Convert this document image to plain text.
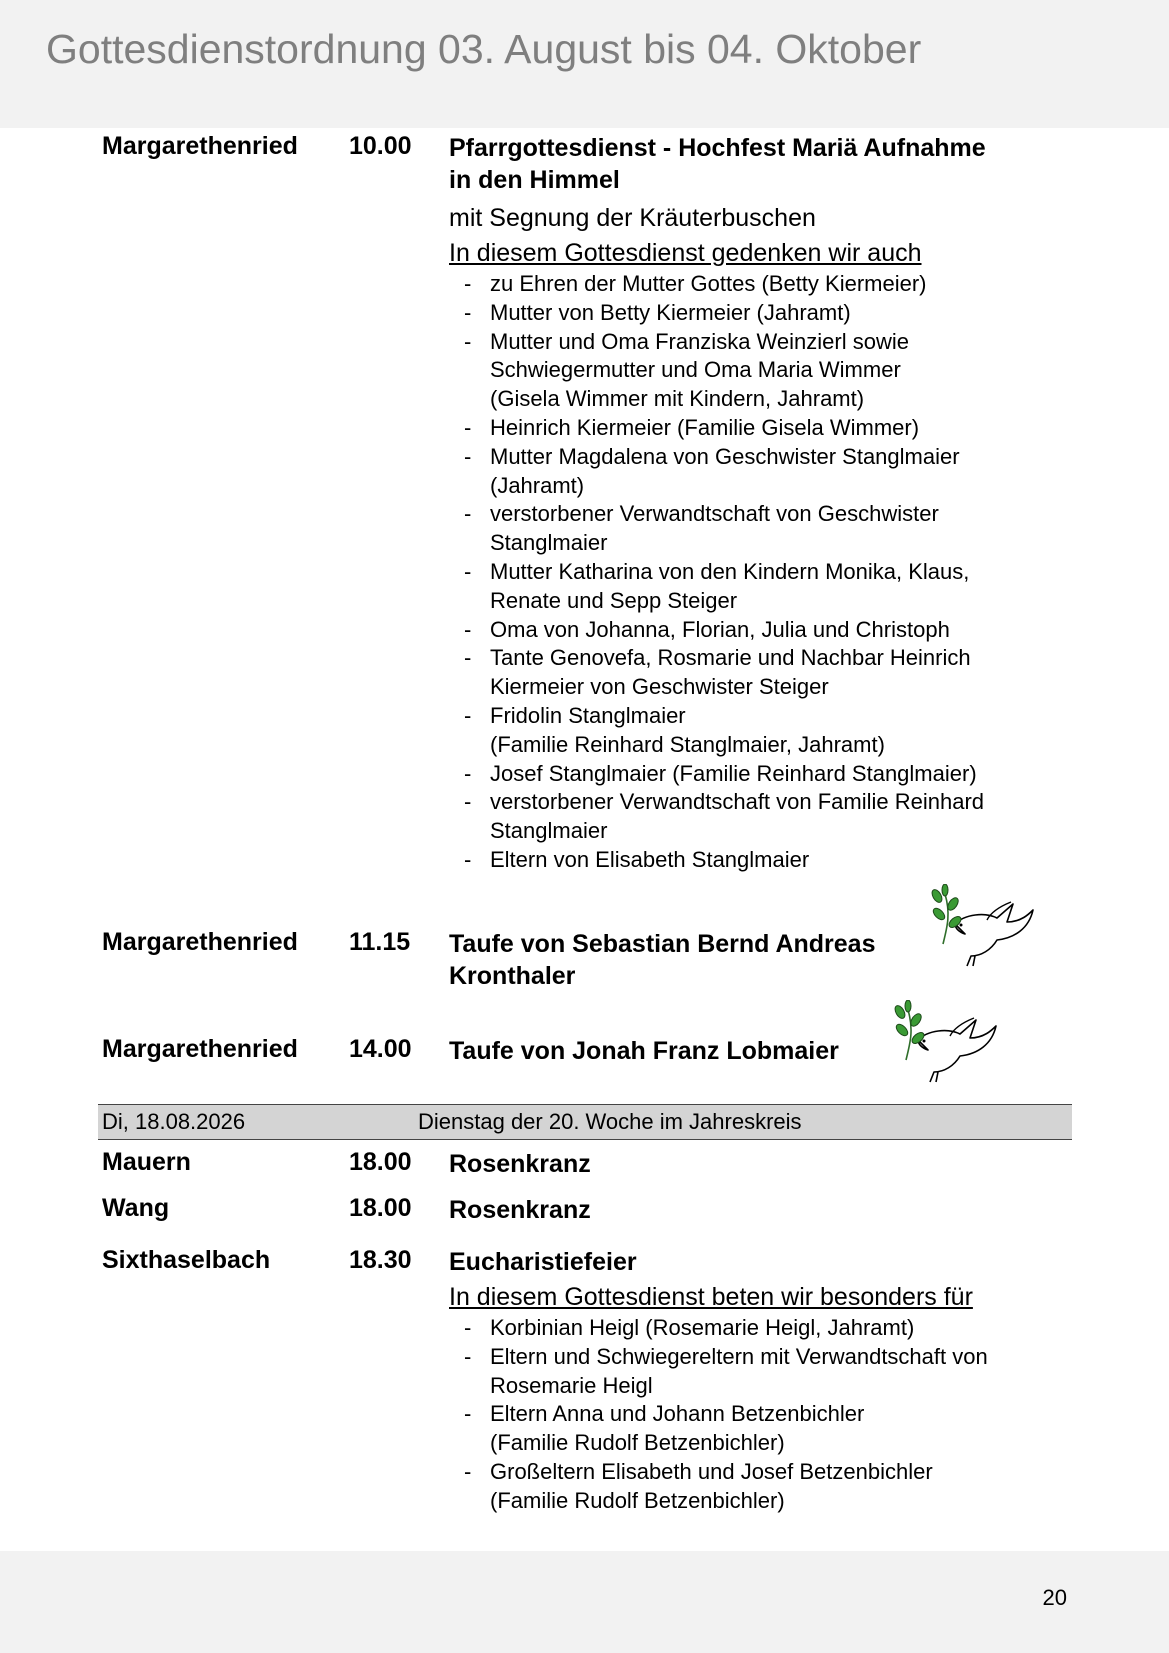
Gottesdienstordnung 03. August bis 04. Oktober
Margarethenried 10.00 Pfarrgottesdienst - Hochfest Mariä Aufnahme
in den Himmel
mit Segnung der Kräuterbuschen
In diesem Gottesdienst gedenken wir auch
- zu Ehren der Mutter Gottes (Betty Kiermeier)
- Mutter von Betty Kiermeier (Jahramt)
- Mutter und Oma Franziska Weinzierl sowie
Schwiegermutter und Oma Maria Wimmer
(Gisela Wimmer mit Kindern, Jahramt)
- Heinrich Kiermeier (Familie Gisela Wimmer)
- Mutter Magdalena von Geschwister Stanglmaier
(Jahramt)
- verstorbener Verwandtschaft von Geschwister
Stanglmaier
- Mutter Katharina von den Kindern Monika, Klaus,
Renate und Sepp Steiger
- Oma von Johanna, Florian, Julia und Christoph
- Tante Genovefa, Rosmarie und Nachbar Heinrich
Kiermeier von Geschwister Steiger
- Fridolin Stanglmaier
(Familie Reinhard Stanglmaier, Jahramt)
- Josef Stanglmaier (Familie Reinhard Stanglmaier)
- verstorbener Verwandtschaft von Familie Reinhard
Stanglmaier
- Eltern von Elisabeth Stanglmaier
Margarethenried 11.15 Taufe von Sebastian Bernd Andreas
Kronthaler
Margarethenried 14.00 Taufe von Jonah Franz Lobmaier
Di, 18.08.2026	Dienstag der 20. Woche im Jahreskreis
Mauern	18.00 Rosenkranz
Wang	18.00 Rosenkranz
Sixthaselbach	18.30 Eucharistiefeier
In diesem Gottesdienst beten wir besonders für
- Korbinian Heigl (Rosemarie Heigl, Jahramt)
- Eltern und Schwiegereltern mit Verwandtschaft von
Rosemarie Heigl
- Eltern Anna und Johann Betzenbichler
(Familie Rudolf Betzenbichler)
- Großeltern Elisabeth und Josef Betzenbichler
(Familie Rudolf Betzenbichler)
20
